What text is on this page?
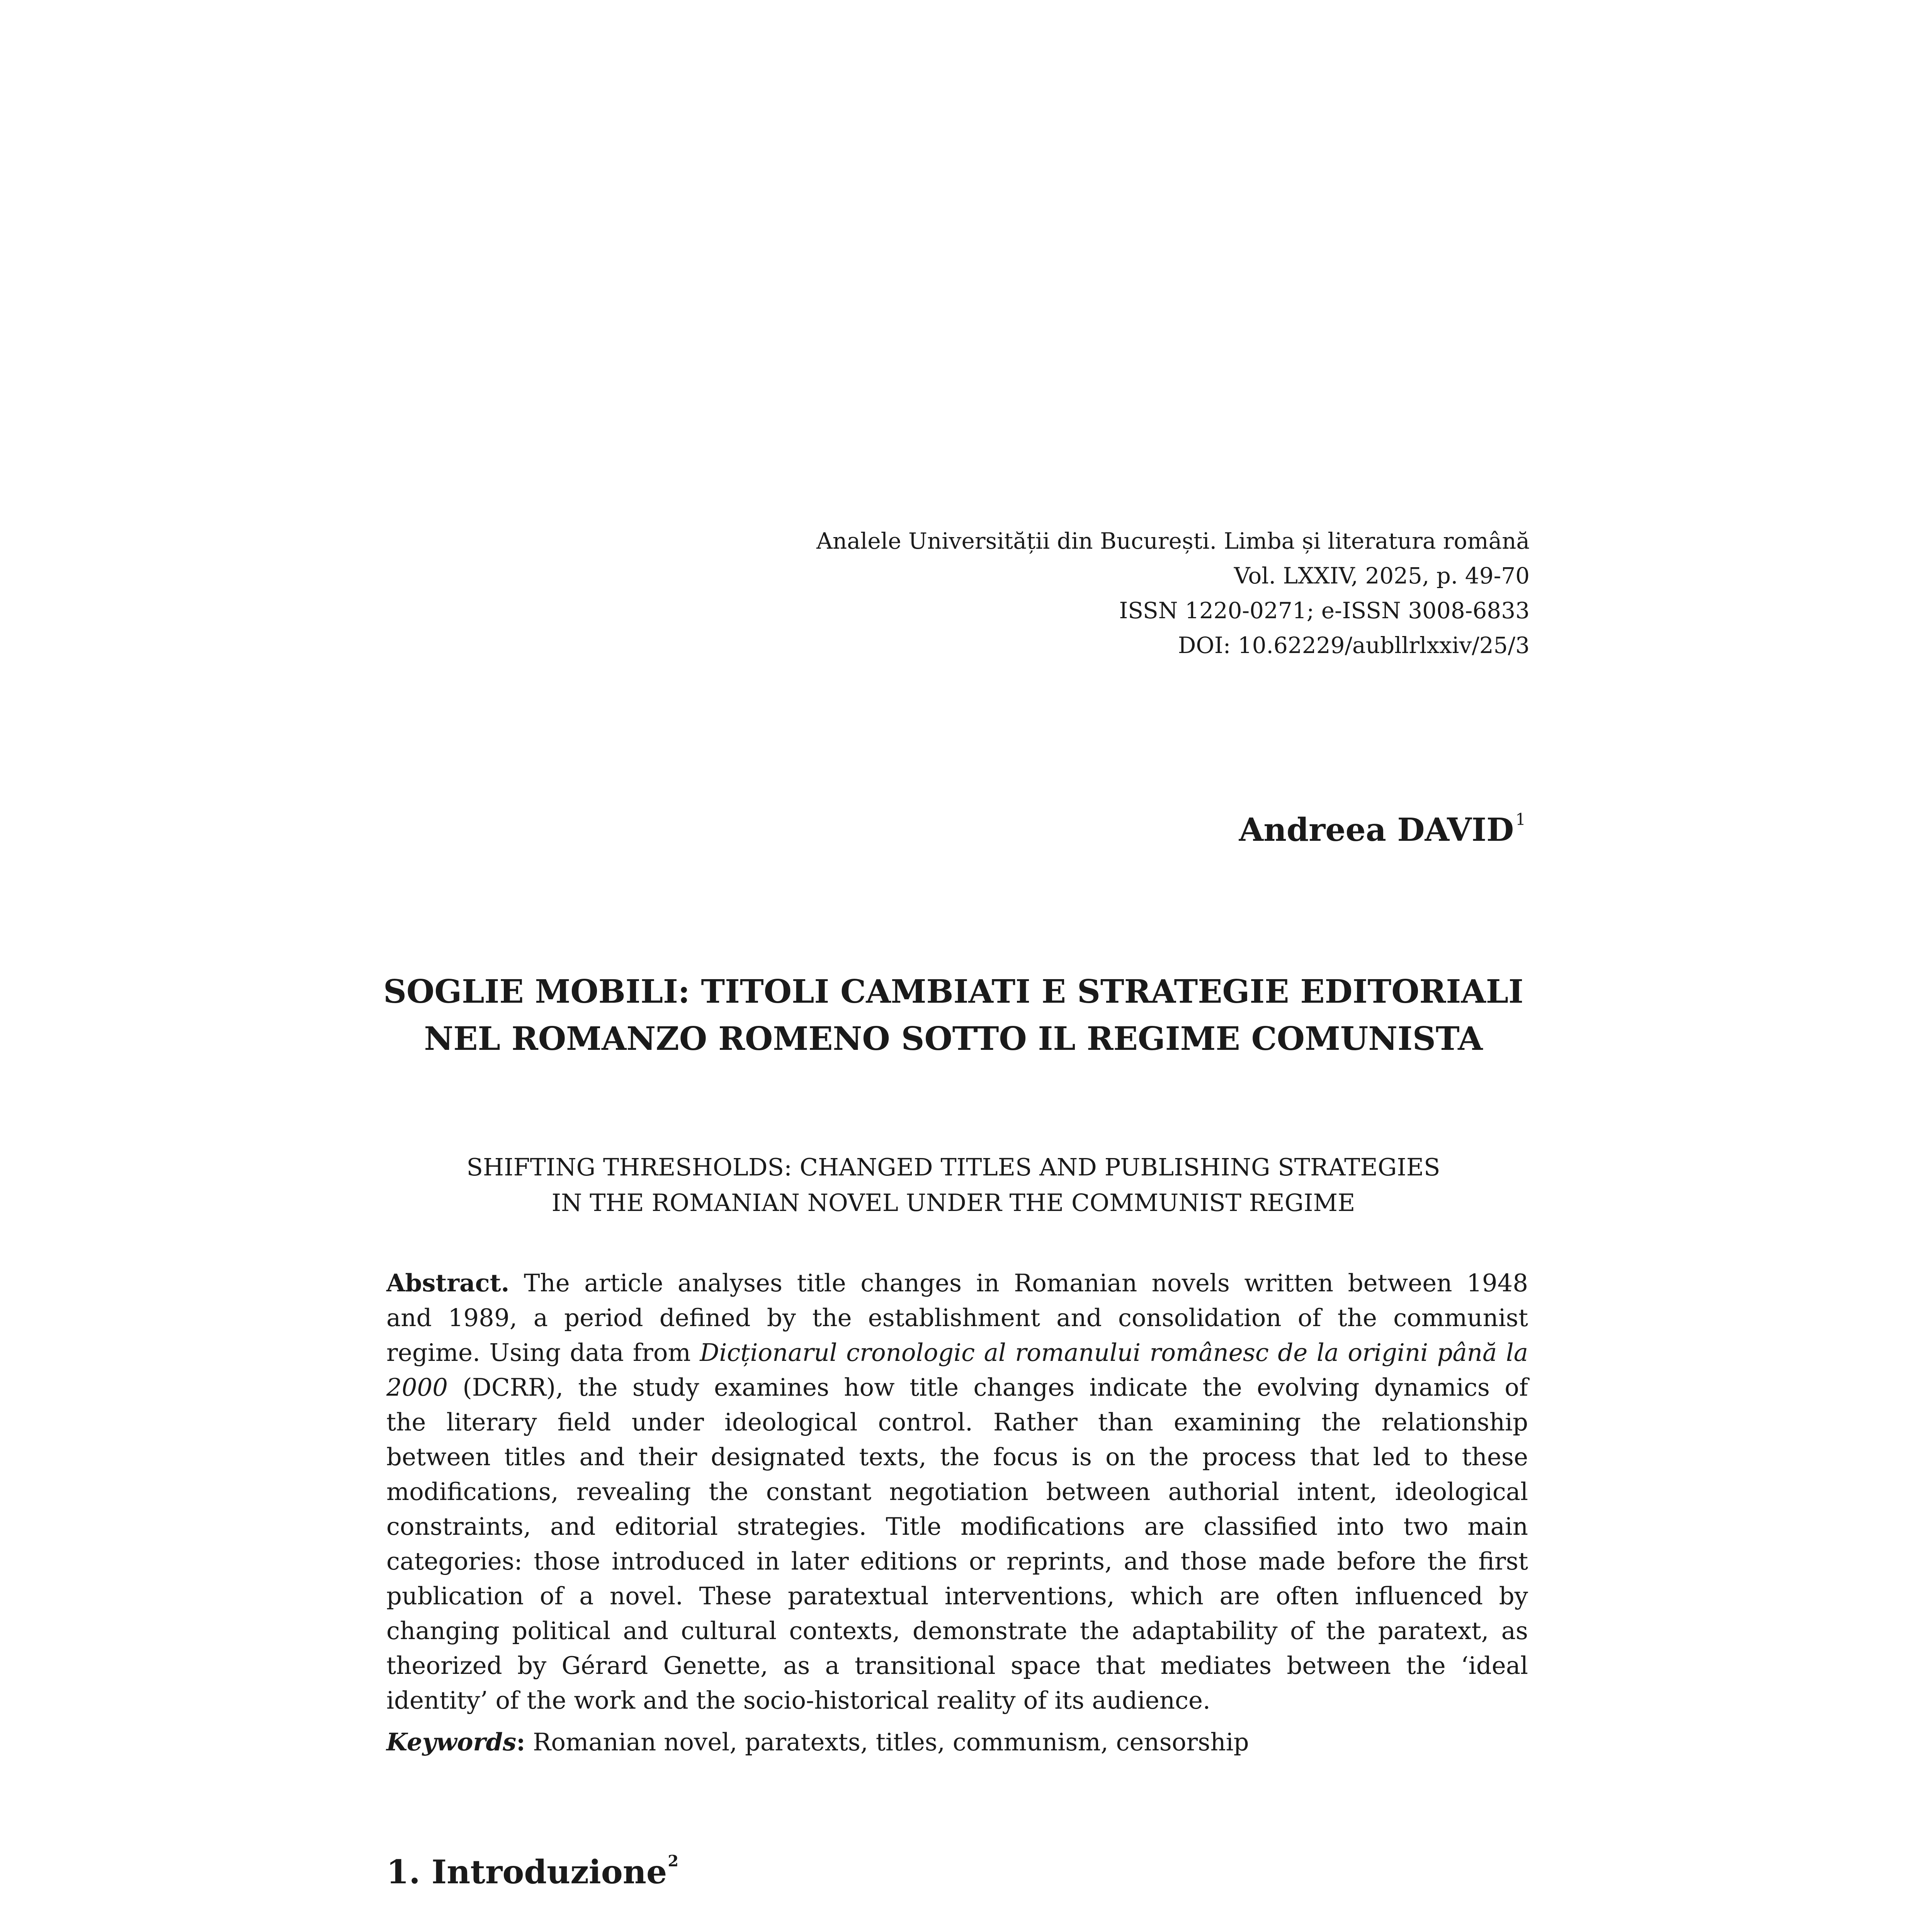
Analele Universității din București. Limba și literatura română
Vol. LXXIV, 2025, p. 49-70
ISSN 1220-0271; e-ISSN 3008-6833
DOI: 10.62229/aubllrlxxiv/25/3
Andreea DAVID$^1$
SOGLIE MOBILI: TITOLI CAMBIATI E STRATEGIE EDITORIALI
NEL ROMANZO ROMENO SOTTO IL REGIME COMUNISTA
SHIFTING THRESHOLDS: CHANGED TITLES AND PUBLISHING STRATEGIES
IN THE ROMANIAN NOVEL UNDER THE COMMUNIST REGIME
Abstract. The article analyses title changes in Romanian novels written between 1948
and 1989, a period defined by the establishment and consolidation of the communist
regime. Using data from Dicționarul cronologic al romanului românesc de la origini până la
2000 (DCRR), the study examines how title changes indicate the evolving dynamics of
the literary field under ideological control. Rather than examining the relationship
between titles and their designated texts, the focus is on the process that led to these
modifications, revealing the constant negotiation between authorial intent, ideological
constraints, and editorial strategies. Title modifications are classified into two main
categories: those introduced in later editions or reprints, and those made before the first
publication of a novel. These paratextual interventions, which are often influenced by
changing political and cultural contexts, demonstrate the adaptability of the paratext, as
theorized by Gérard Genette, as a transitional space that mediates between the ‘ideal
identity’ of the work and the socio-historical reality of its audience.
Keywords: Romanian novel, paratexts, titles, communism, censorship
1. Introduzione$^2$
